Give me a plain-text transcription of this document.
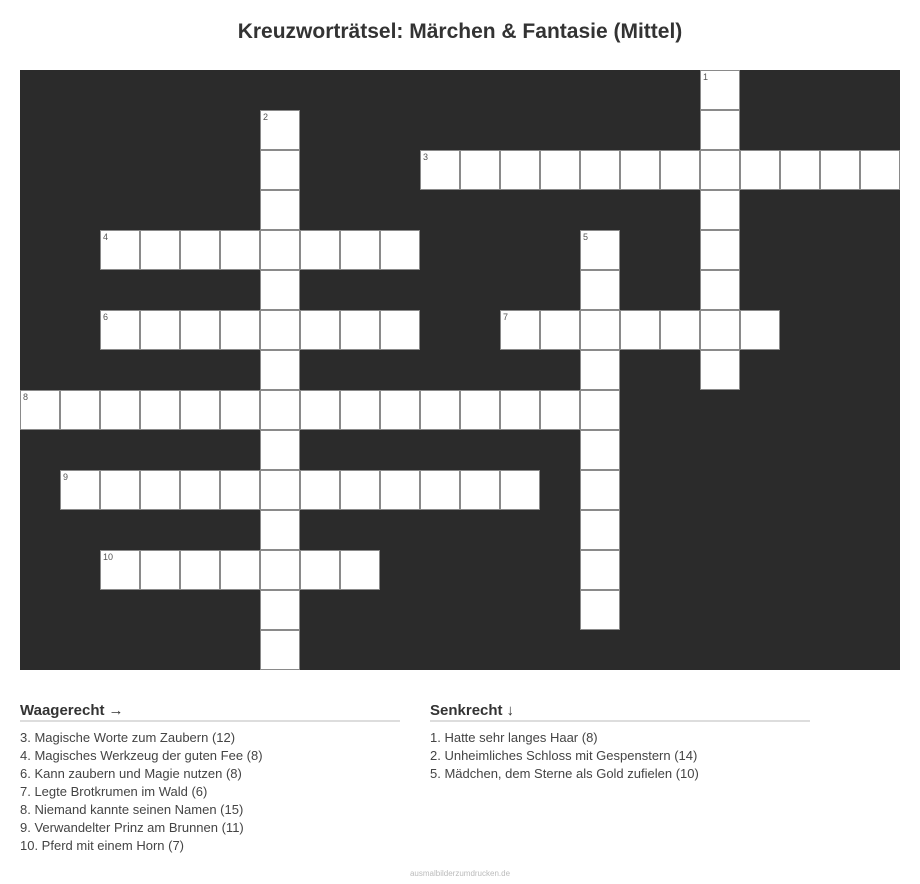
Kreuzworträtsel: Märchen & Fantasie (Mittel)
1
2
3
4	5
6	7
8
9
10
Waagerecht →
3. Magische Worte zum Zaubern (12)
4. Magisches Werkzeug der guten Fee (8)
6. Kann zaubern und Magie nutzen (8)
7. Legte Brotkrumen im Wald (6)
8. Niemand kannte seinen Namen (15)
9. Verwandelter Prinz am Brunnen (11)
10. Pferd mit einem Horn (7)
Senkrecht ↓
1. Hatte sehr langes Haar (8)
2. Unheimliches Schloss mit Gespenstern (14)
5. Mädchen, dem Sterne als Gold zufielen (10)
ausmalbilderzumdrucken.de
